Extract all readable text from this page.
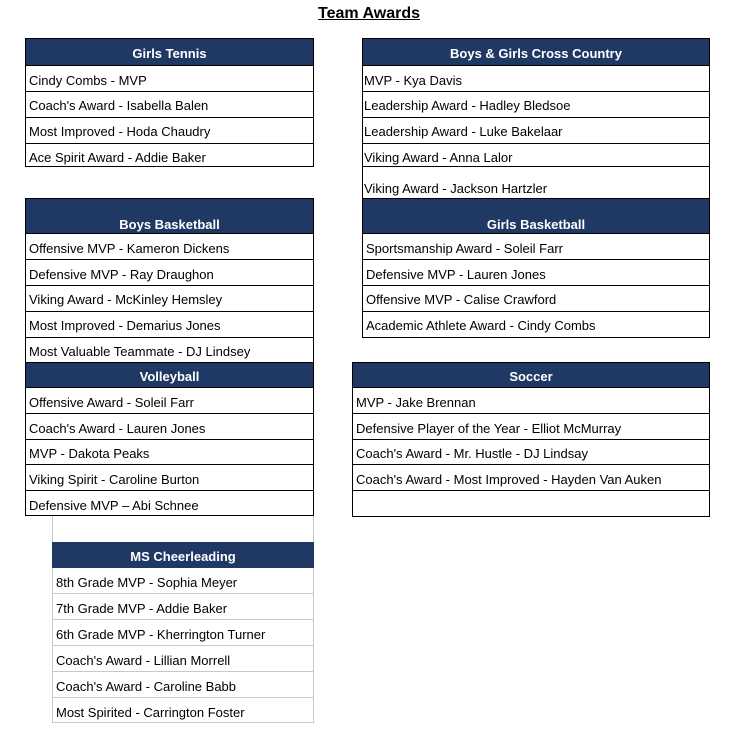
Team Awards
Girls Tennis
Cindy Combs - MVP
Coach's Award - Isabella Balen
Most Improved - Hoda Chaudry
Ace Spirit Award - Addie Baker
Boys & Girls Cross Country
MVP - Kya Davis
Leadership Award - Hadley Bledsoe
Leadership Award - Luke Bakelaar
Viking Award - Anna Lalor
Viking Award - Jackson Hartzler
Boys Basketball
Offensive MVP - Kameron Dickens
Defensive MVP - Ray Draughon
Viking Award - McKinley Hemsley
Most Improved - Demarius Jones
Most Valuable Teammate - DJ Lindsey
Girls Basketball
Sportsmanship Award - Soleil Farr
Defensive MVP - Lauren Jones
Offensive MVP - Calise Crawford
Academic Athlete Award - Cindy Combs
Volleyball
Offensive Award - Soleil Farr
Coach's Award - Lauren Jones
MVP - Dakota Peaks
Viking Spirit - Caroline Burton
Defensive MVP – Abi Schnee
Soccer
MVP - Jake Brennan
Defensive Player of the Year - Elliot McMurray
Coach's Award - Mr. Hustle - DJ Lindsay
Coach's Award - Most Improved - Hayden Van Auken
MS Cheerleading
8th Grade MVP - Sophia Meyer
7th Grade MVP - Addie Baker
6th Grade MVP - Kherrington Turner
Coach's Award - Lillian Morrell
Coach's Award - Caroline Babb
Most Spirited - Carrington Foster
